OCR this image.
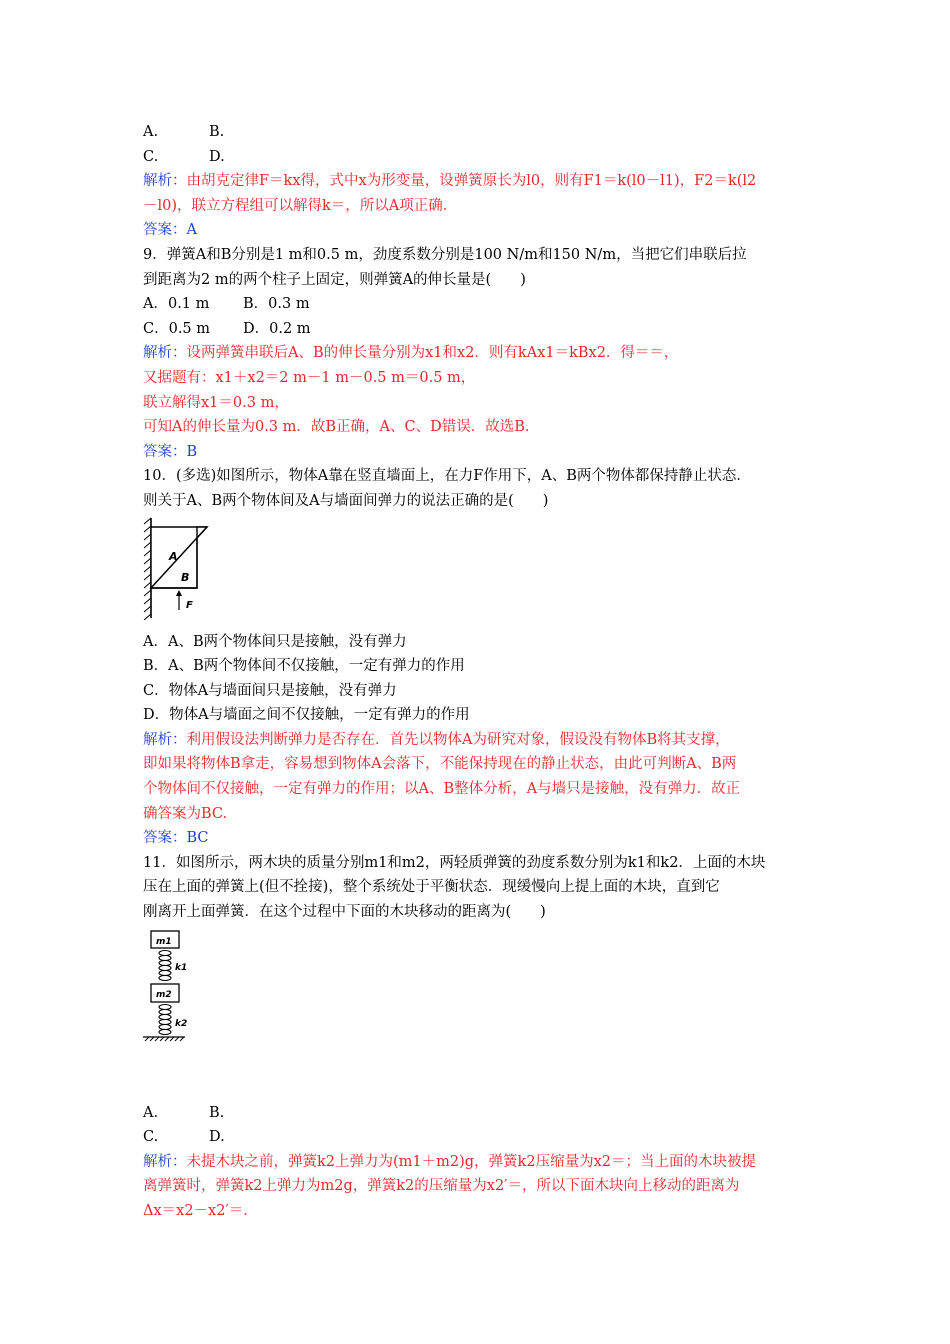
A.	B.
C.	D.
解析：由胡克定律F＝kx得，式中x为形变量，设弹簧原长为l0，则有F1＝k(l0－l1)，F2＝k(l2
－l0)，联立方程组可以解得k＝，所以A项正确．
答案：A
9．弹簧A和B分别是1 m和0.5 m，劲度系数分别是100 N/m和150 N/m，当把它们串联后拉
到距离为2 m的两个柱子上固定，则弹簧A的伸长量是(　　)
A．0.1 m B．0.3 m
C．0.5 m D．0.2 m
解析：设两弹簧串联后A、B的伸长量分别为x1和x2．则有kAx1＝kBx2．得＝＝，
又据题有：x1＋x2＝2 m－1 m－0.5 m＝0.5 m，
联立解得x1＝0.3 m，
可知A的伸长量为0.3 m．故B正确，A、C、D错误．故选B．
答案：B
10．(多选)如图所示，物体A靠在竖直墙面上，在力F作用下，A、B两个物体都保持静止状态．
则关于A、B两个物体间及A与墙面间弹力的说法正确的是(　　)
A
B
F
A．A、B两个物体间只是接触，没有弹力
B．A、B两个物体间不仅接触，一定有弹力的作用
C．物体A与墙面间只是接触，没有弹力
D．物体A与墙面之间不仅接触，一定有弹力的作用
解析：利用假设法判断弹力是否存在．首先以物体A为研究对象，假设没有物体B将其支撑，
即如果将物体B拿走，容易想到物体A会落下，不能保持现在的静止状态，由此可判断A、B两
个物体间不仅接触，一定有弹力的作用；以A、B整体分析，A与墙只是接触，没有弹力．故正
确答案为BC.
答案：BC
11．如图所示，两木块的质量分别m1和m2，两轻质弹簧的劲度系数分别为k1和k2．上面的木块
压在上面的弹簧上(但不拴接)，整个系统处于平衡状态．现缓慢向上提上面的木块，直到它
刚离开上面弹簧．在这个过程中下面的木块移动的距离为(　　)
m1
k1
m2
k2
A.	B.
C.	D.
解析：未提木块之前，弹簧k2上弹力为(m1＋m2)g，弹簧k2压缩量为x2＝；当上面的木块被提
离弹簧时，弹簧k2上弹力为m2g，弹簧k2的压缩量为x2′＝，所以下面木块向上移动的距离为
Δx＝x2－x2′＝．
